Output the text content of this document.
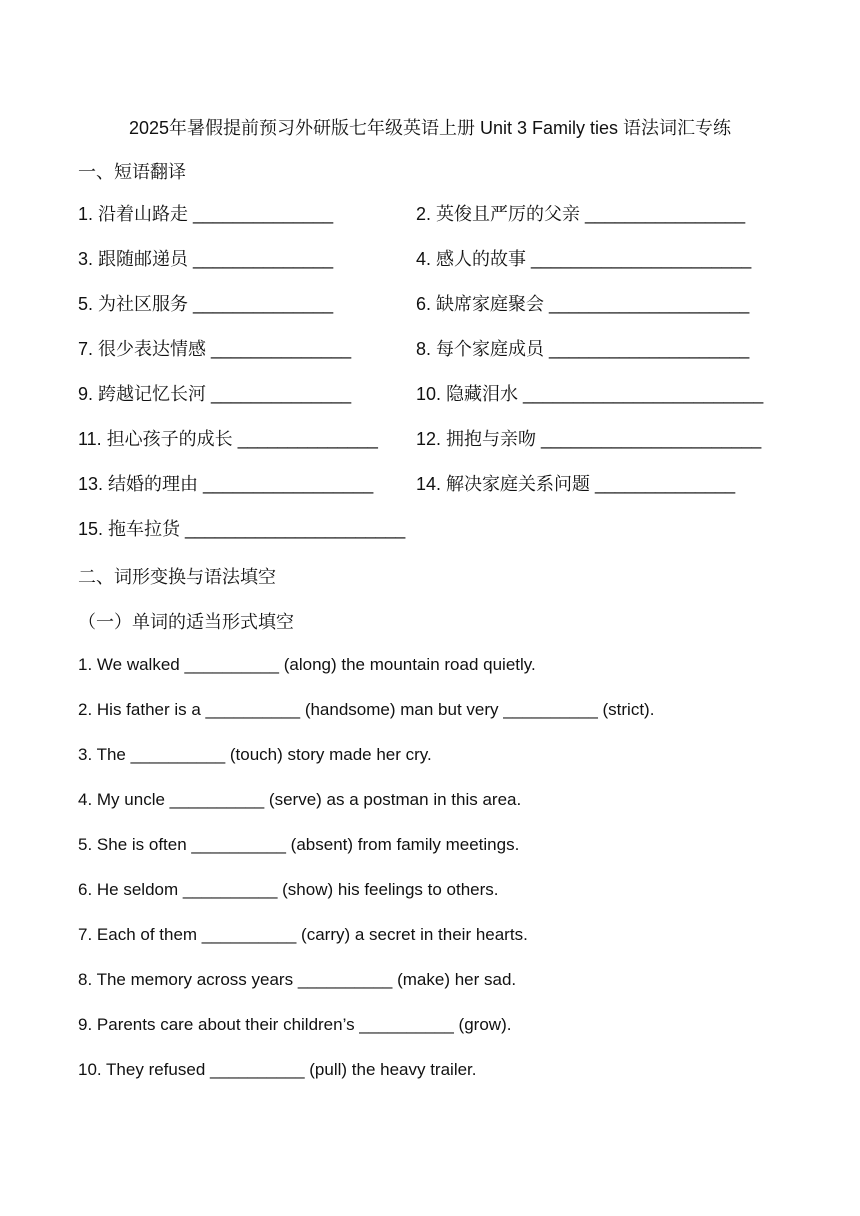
2025年暑假提前预习外研版七年级英语上册 Unit 3 Family ties 语法词汇专练
一、短语翻译
1. 沿着山路走 ______________	2. 英俊且严厉的父亲 ________________
3. 跟随邮递员 ______________	4. 感人的故事 ______________________
5. 为社区服务 ______________	6. 缺席家庭聚会 ____________________
7. 很少表达情感 ______________	8. 每个家庭成员 ____________________
9. 跨越记忆长河 ______________	10. 隐藏泪水 ________________________
11. 担心孩子的成长 ______________	12. 拥抱与亲吻 ______________________
13. 结婚的理由 _________________	14. 解决家庭关系问题 ______________
15. 拖车拉货 ______________________
二、词形变换与语法填空
（一）单词的适当形式填空
1. We walked __________ (along) the mountain road quietly.
2. His father is a __________ (handsome) man but very __________ (strict).
3. The __________ (touch) story made her cry.
4. My uncle __________ (serve) as a postman in this area.
5. She is often __________ (absent) from family meetings.
6. He seldom __________ (show) his feelings to others.
7. Each of them __________ (carry) a secret in their hearts.
8. The memory across years __________ (make) her sad.
9. Parents care about their children’s __________ (grow).
10. They refused __________ (pull) the heavy trailer.
